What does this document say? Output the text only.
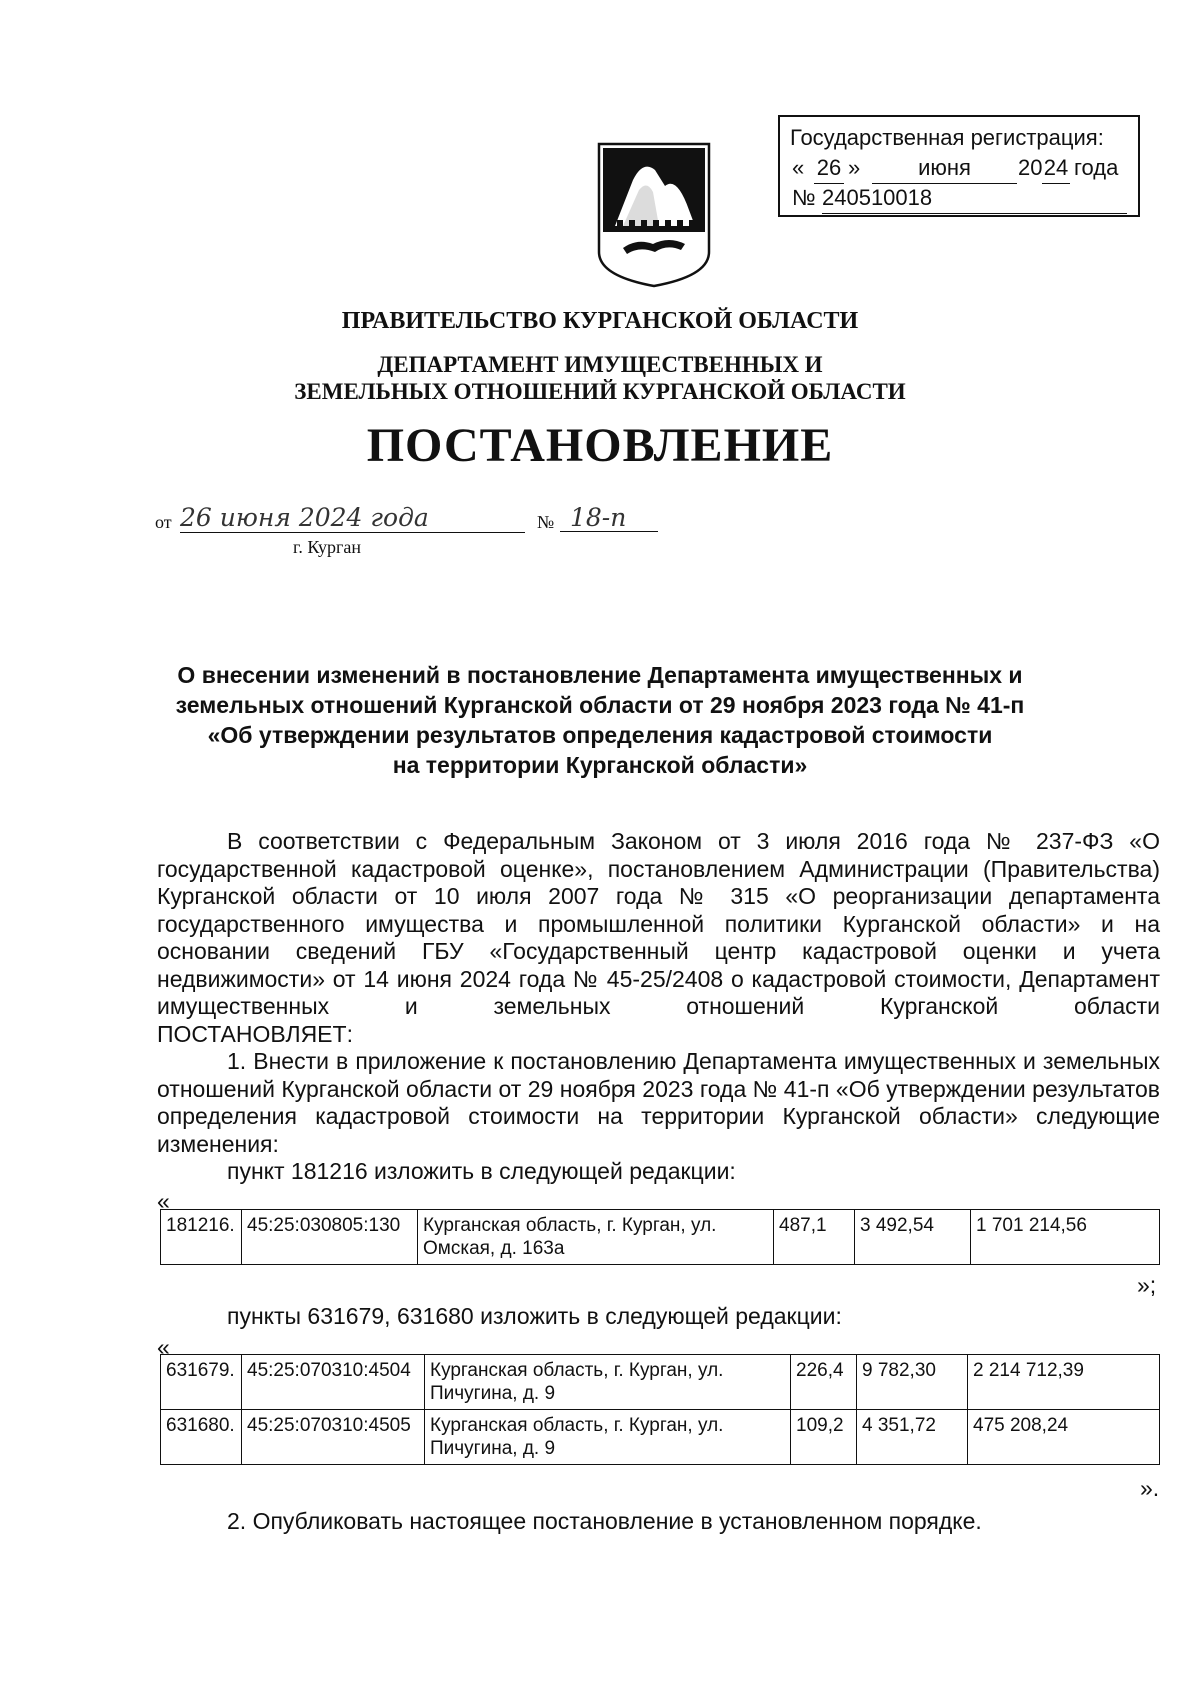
Государственная регистрация:
« 26 »	июня	20 24 года
№ 240510018
ПРАВИТЕЛЬСТВО КУРГАНСКОЙ ОБЛАСТИ
ДЕПАРТАМЕНТ ИМУЩЕСТВЕННЫХ И
ЗЕМЕЛЬНЫХ ОТНОШЕНИЙ КУРГАНСКОЙ ОБЛАСТИ
ПОСТАНОВЛЕНИЕ
от 26 июня 2024 года	№ 18-п
г. Курган
О внесении изменений в постановление Департамента имущественных и
земельных отношений Курганской области от 29 ноября 2023 года № 41-п
«Об утверждении результатов определения кадастровой стоимости
на территории Курганской области»
В соответствии с Федеральным Законом от 3 июля 2016 года № 237-ФЗ «О государственной кадастровой оценке», постановлением Администрации (Правительства) Курганской области от 10 июля 2007 года № 315 «О реорганизации департамента государственного имущества и промышленной политики Курганской области» и на основании сведений ГБУ «Государственный центр кадастровой оценки и учета недвижимости» от 14 июня 2024 года № 45-25/2408 о кадастровой стоимости, Департамент имущественных и земельных отношений Курганской области
ПОСТАНОВЛЯЕТ:
1. Внести в приложение к постановлению Департамента имущественных и земельных отношений Курганской области от 29 ноября 2023 года № 41-п «Об утверждении результатов определения кадастровой стоимости на территории Курганской области» следующие изменения:
пункт 181216 изложить в следующей редакции:
«
181216.	45:25:030805:130	Курганская область, г. Курган, ул.
Омская, д. 163а
	487,1	3 492,54	1 701 214,56
»;
пункты 631679, 631680 изложить в следующей редакции:
«
631679.	45:25:070310:4504	Курганская область, г. Курган, ул.
Пичугина, д. 9	226,4	9 782,30	2 214 712,39
631680.	45:25:070310:4505	Курганская область, г. Курган, ул.
Пичугина, д. 9	109,2	4 351,72	475 208,24
».
2. Опубликовать настоящее постановление в установленном порядке.
